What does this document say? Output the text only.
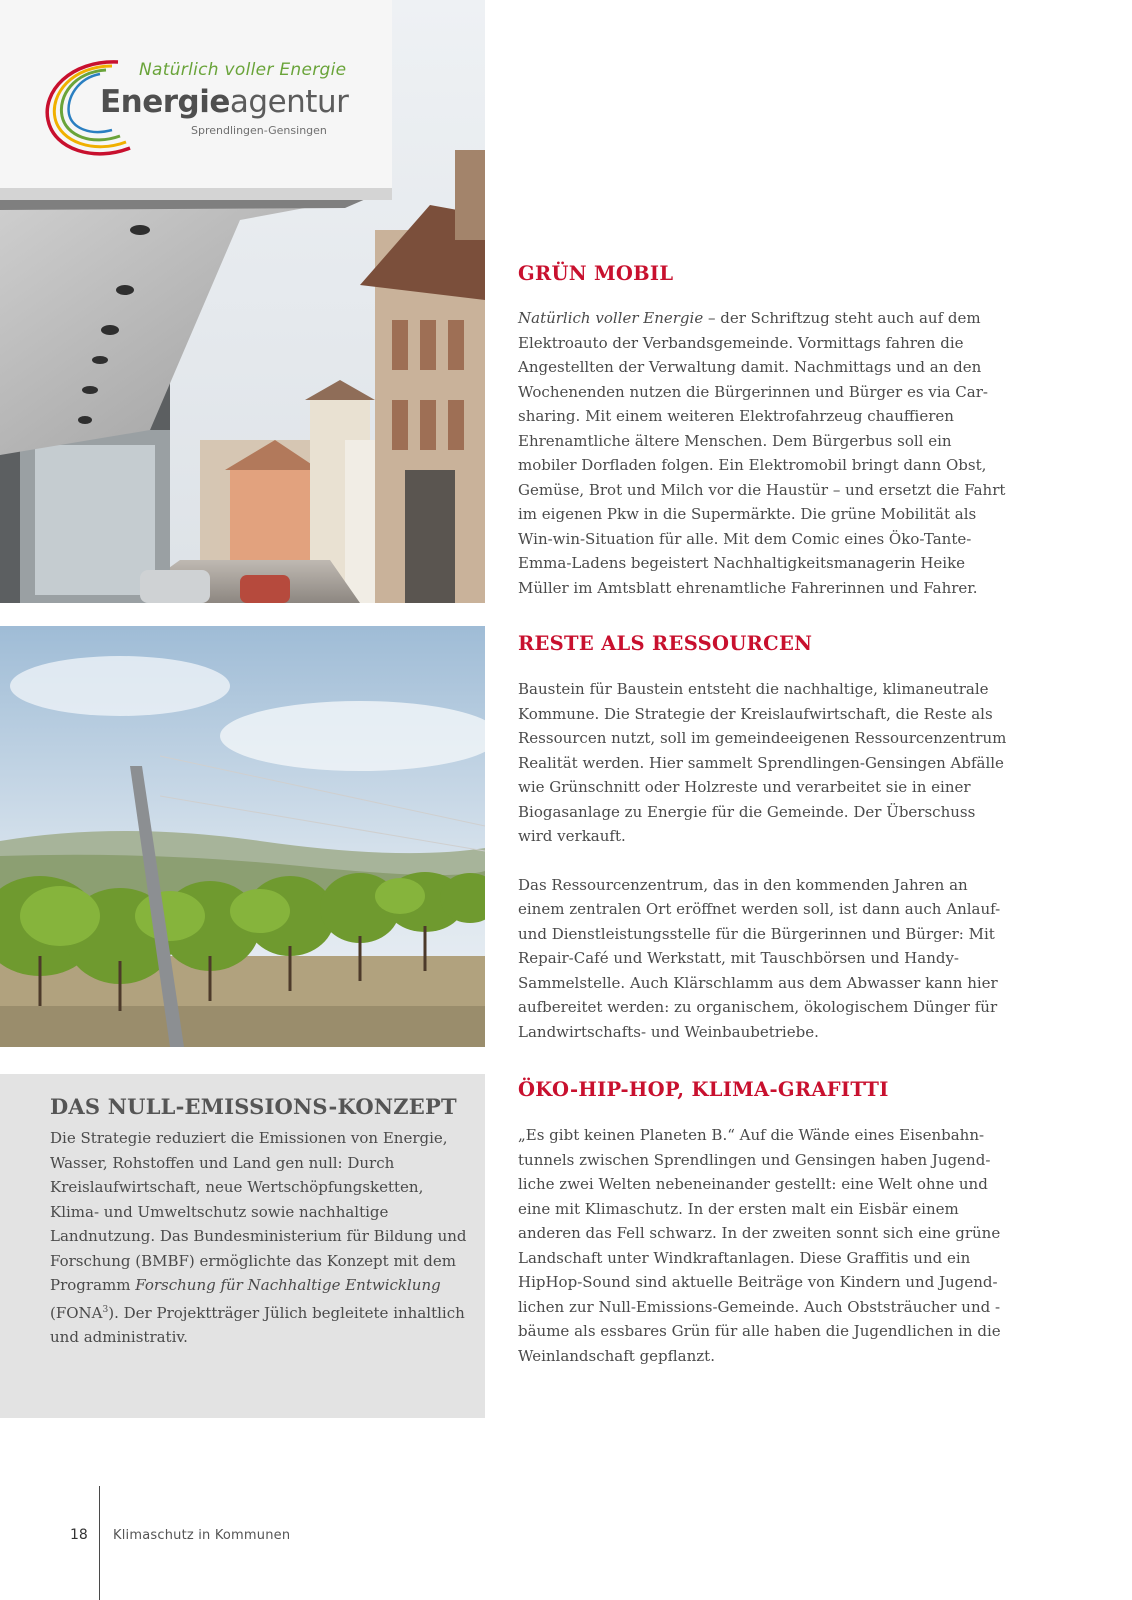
Natürlich voller Energie
Energieagentur
Sprendlingen-Gensingen
DAS NULL-EMISSIONS-KONZEPT

Die Strategie reduziert die Emissionen von Energie, Wasser, Rohstoffen und Land gen null: Durch Kreislaufwirtschaft, neue Wertschöpfungsketten, Klima- und Umweltschutz sowie nachhaltige Landnutzung. Das Bundesministerium für Bildung und Forschung (BMBF) ermöglichte das Konzept mit dem Programm Forschung für Nachhaltige Entwicklung (FONA$^3$). Der Projektträger Jülich begleitete inhaltlich und administrativ.

GRÜN MOBIL

Natürlich voller Energie – der Schriftzug steht auch auf dem Elektroauto der Verbandsgemeinde. Vormittags fahren die Angestellten der Verwaltung damit. Nachmittags und an den Wochenenden nutzen die Bürgerinnen und Bürger es via Carsharing. Mit einem weiteren Elektrofahrzeug chauffieren Ehrenamtliche ältere Menschen. Dem Bürgerbus soll ein mobiler Dorfladen folgen. Ein Elektromobil bringt dann Obst, Gemüse, Brot und Milch vor die Haustür – und ersetzt die Fahrt im eigenen Pkw in die Supermärkte. Die grüne Mobilität als Win-win-Situation für alle. Mit dem Comic eines Öko-Tante-Emma-Ladens begeistert Nachhaltigkeitsmanagerin Heike Müller im Amtsblatt ehrenamtliche Fahrerinnen und Fahrer.

RESTE ALS RESSOURCEN

Baustein für Baustein entsteht die nachhaltige, klimaneutrale Kommune. Die Strategie der Kreislaufwirtschaft, die Reste als Ressourcen nutzt, soll im gemeindeeigenen Ressourcenzentrum Realität werden. Hier sammelt Sprendlingen-Gensingen Abfälle wie Grünschnitt oder Holzreste und verarbeitet sie in einer Biogasanlage zu Energie für die Gemeinde. Der Überschuss wird verkauft.

Das Ressourcenzentrum, das in den kommenden Jahren an einem zentralen Ort eröffnet werden soll, ist dann auch Anlauf- und Dienstleistungsstelle für die Bürgerinnen und Bürger: Mit Repair-Café und Werkstatt, mit Tauschbörsen und Handy-Sammelstelle. Auch Klärschlamm aus dem Abwasser kann hier aufbereitet werden: zu organischem, ökologischem Dünger für Landwirtschafts- und Weinbaubetriebe.

ÖKO-HIP-HOP, KLIMA-GRAFITTI

„Es gibt keinen Planeten B.“ Auf die Wände eines Eisenbahntunnels zwischen Sprendlingen und Gensingen haben Jugendliche zwei Welten nebeneinander gestellt: eine Welt ohne und eine mit Klimaschutz. In der ersten malt ein Eisbär einem anderen das Fell schwarz. In der zweiten sonnt sich eine grüne Landschaft unter Windkraftanlagen. Diese Graffitis und ein HipHop-Sound sind aktuelle Beiträge von Kindern und Jugendlichen zur Null-Emissions-Gemeinde. Auch Obststräucher und -bäume als essbares Grün für alle haben die Jugendlichen in die Weinlandschaft gepflanzt.

18 Klimaschutz in Kommunen
